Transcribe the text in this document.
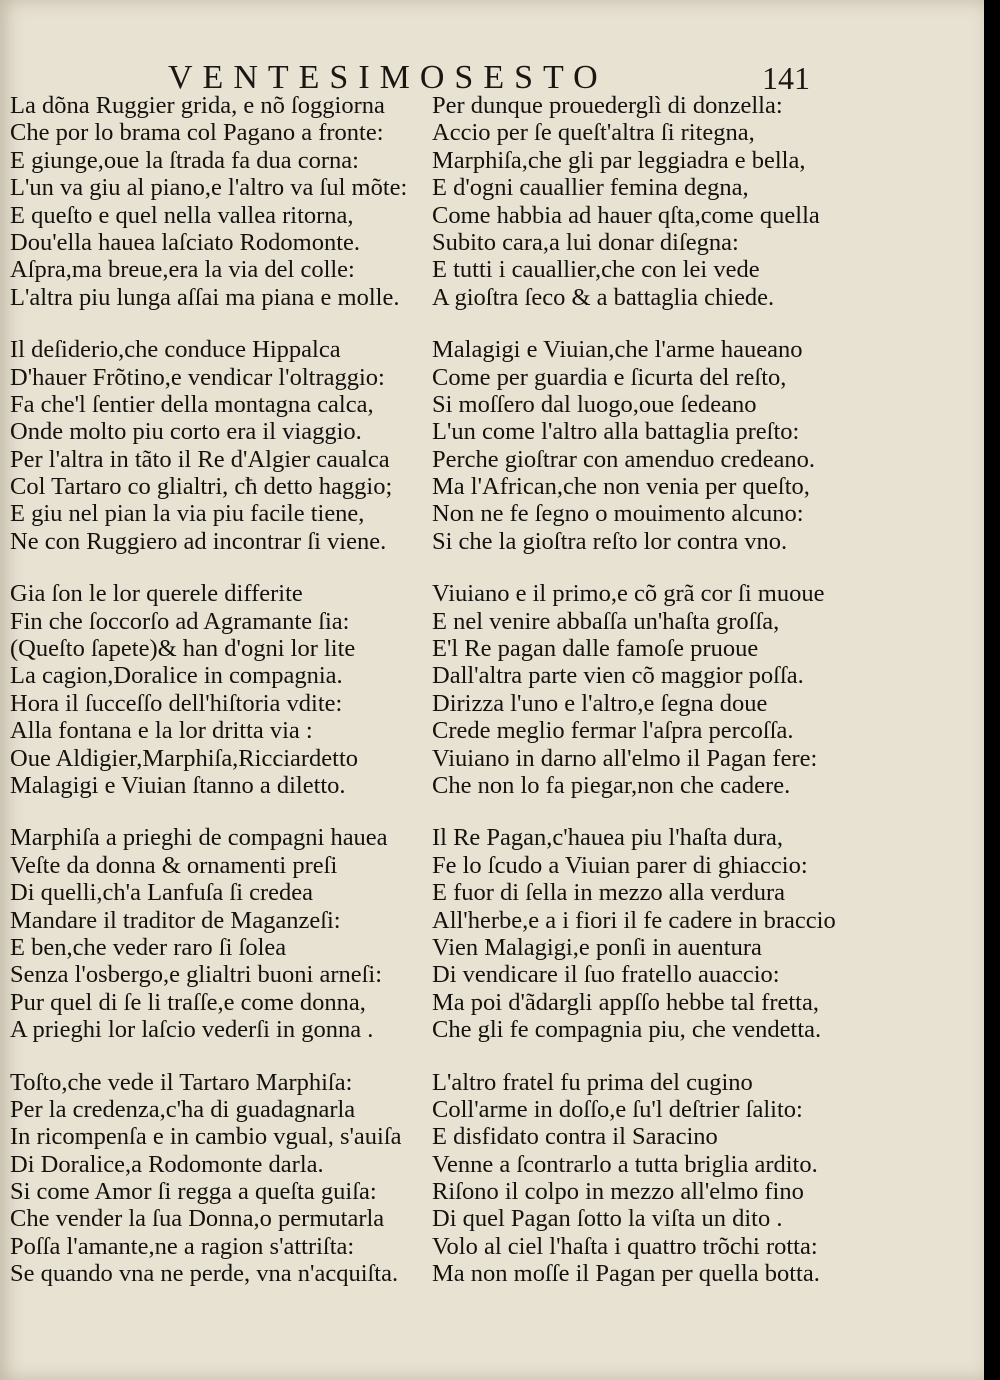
VENTESIMOSESTO	141
La dõna Ruggier grida, e nõ ſoggiorna
Che por lo brama col Pagano a fronte:
E giunge,oue la ſtrada fa dua corna:
L'un va giu al piano,e l'altro va ſul mõte:
E queſto e quel nella vallea ritorna,
Dou'ella hauea laſciato Rodomonte.
Aſpra,ma breue,era la via del colle:
L'altra piu lunga aſſai ma piana e molle.
Il deſiderio,che conduce Hippalca
D'hauer Frõtino,e vendicar l'oltraggio:
Fa che'l ſentier della montagna calca,
Onde molto piu corto era il viaggio.
Per l'altra in tãto il Re d'Algier caualca
Col Tartaro co glialtri, cħ detto haggio;
E giu nel pian la via piu facile tiene,
Ne con Ruggiero ad incontrar ſi viene.
Gia ſon le lor querele differite
Fin che ſoccorſo ad Agramante ſia:
(Queſto ſapete)& han d'ogni lor lite
La cagion,Doralice in compagnia.
Hora il ſucceſſo dell'hiſtoria vdite:
Alla fontana e la lor dritta via :
Oue Aldigier,Marphiſa,Ricciardetto
Malagigi e Viuian ſtanno a diletto.
Marphiſa a prieghi de compagni hauea
Veſte da donna & ornamenti preſi
Di quelli,ch'a Lanfuſa ſi credea
Mandare il traditor de Maganzeſi:
E ben,che veder raro ſi ſolea
Senza l'osbergo,e glialtri buoni arneſi:
Pur quel di ſe li traſſe,e come donna,
A prieghi lor laſcio vederſi in gonna .
Toſto,che vede il Tartaro Marphiſa:
Per la credenza,c'ha di guadagnarla
In ricompenſa e in cambio vgual, s'auiſa
Di Doralice,a Rodomonte darla.
Si come Amor ſi regga a queſta guiſa:
Che vender la ſua Donna,o permutarla
Poſſa l'amante,ne a ragion s'attriſta:
Se quando vna ne perde, vna n'acquiſta.
Per dunque prouederglì di donzella:
Accio per ſe queſt'altra ſi ritegna,
Marphiſa,che gli par leggiadra e bella,
E d'ogni cauallier femina degna,
Come habbia ad hauer qſta,come quella
Subito cara,a lui donar diſegna:
E tutti i cauallier,che con lei vede
A gioſtra ſeco & a battaglia chiede.
Malagigi e Viuian,che l'arme haueano
Come per guardia e ſicurta del reſto,
Si moſſero dal luogo,oue ſedeano
L'un come l'altro alla battaglia preſto:
Perche gioſtrar con amenduo credeano.
Ma l'African,che non venia per queſto,
Non ne fe ſegno o mouimento alcuno:
Si che la gioſtra reſto lor contra vno.
Viuiano e il primo,e cõ grã cor ſi muoue
E nel venire abbaſſa un'haſta groſſa,
E'l Re pagan dalle famoſe pruoue
Dall'altra parte vien cõ maggior poſſa.
Dirizza l'uno e l'altro,e ſegna doue
Crede meglio fermar l'aſpra percoſſa.
Viuiano in darno all'elmo il Pagan fere:
Che non lo fa piegar,non che cadere.
Il Re Pagan,c'hauea piu l'haſta dura,
Fe lo ſcudo a Viuian parer di ghiaccio:
E fuor di ſella in mezzo alla verdura
All'herbe,e a i fiori il fe cadere in braccio
Vien Malagigi,e ponſi in auentura
Di vendicare il ſuo fratello auaccio:
Ma poi d'ãdargli appſſo hebbe tal fretta,
Che gli fe compagnia piu, che vendetta.
L'altro fratel fu prima del cugino
Coll'arme in doſſo,e ſu'l deſtrier ſalito:
E disfidato contra il Saracino
Venne a ſcontrarlo a tutta briglia ardito.
Riſono il colpo in mezzo all'elmo fino
Di quel Pagan ſotto la viſta un dito .
Volo al ciel l'haſta i quattro trõchi rotta:
Ma non moſſe il Pagan per quella botta.
